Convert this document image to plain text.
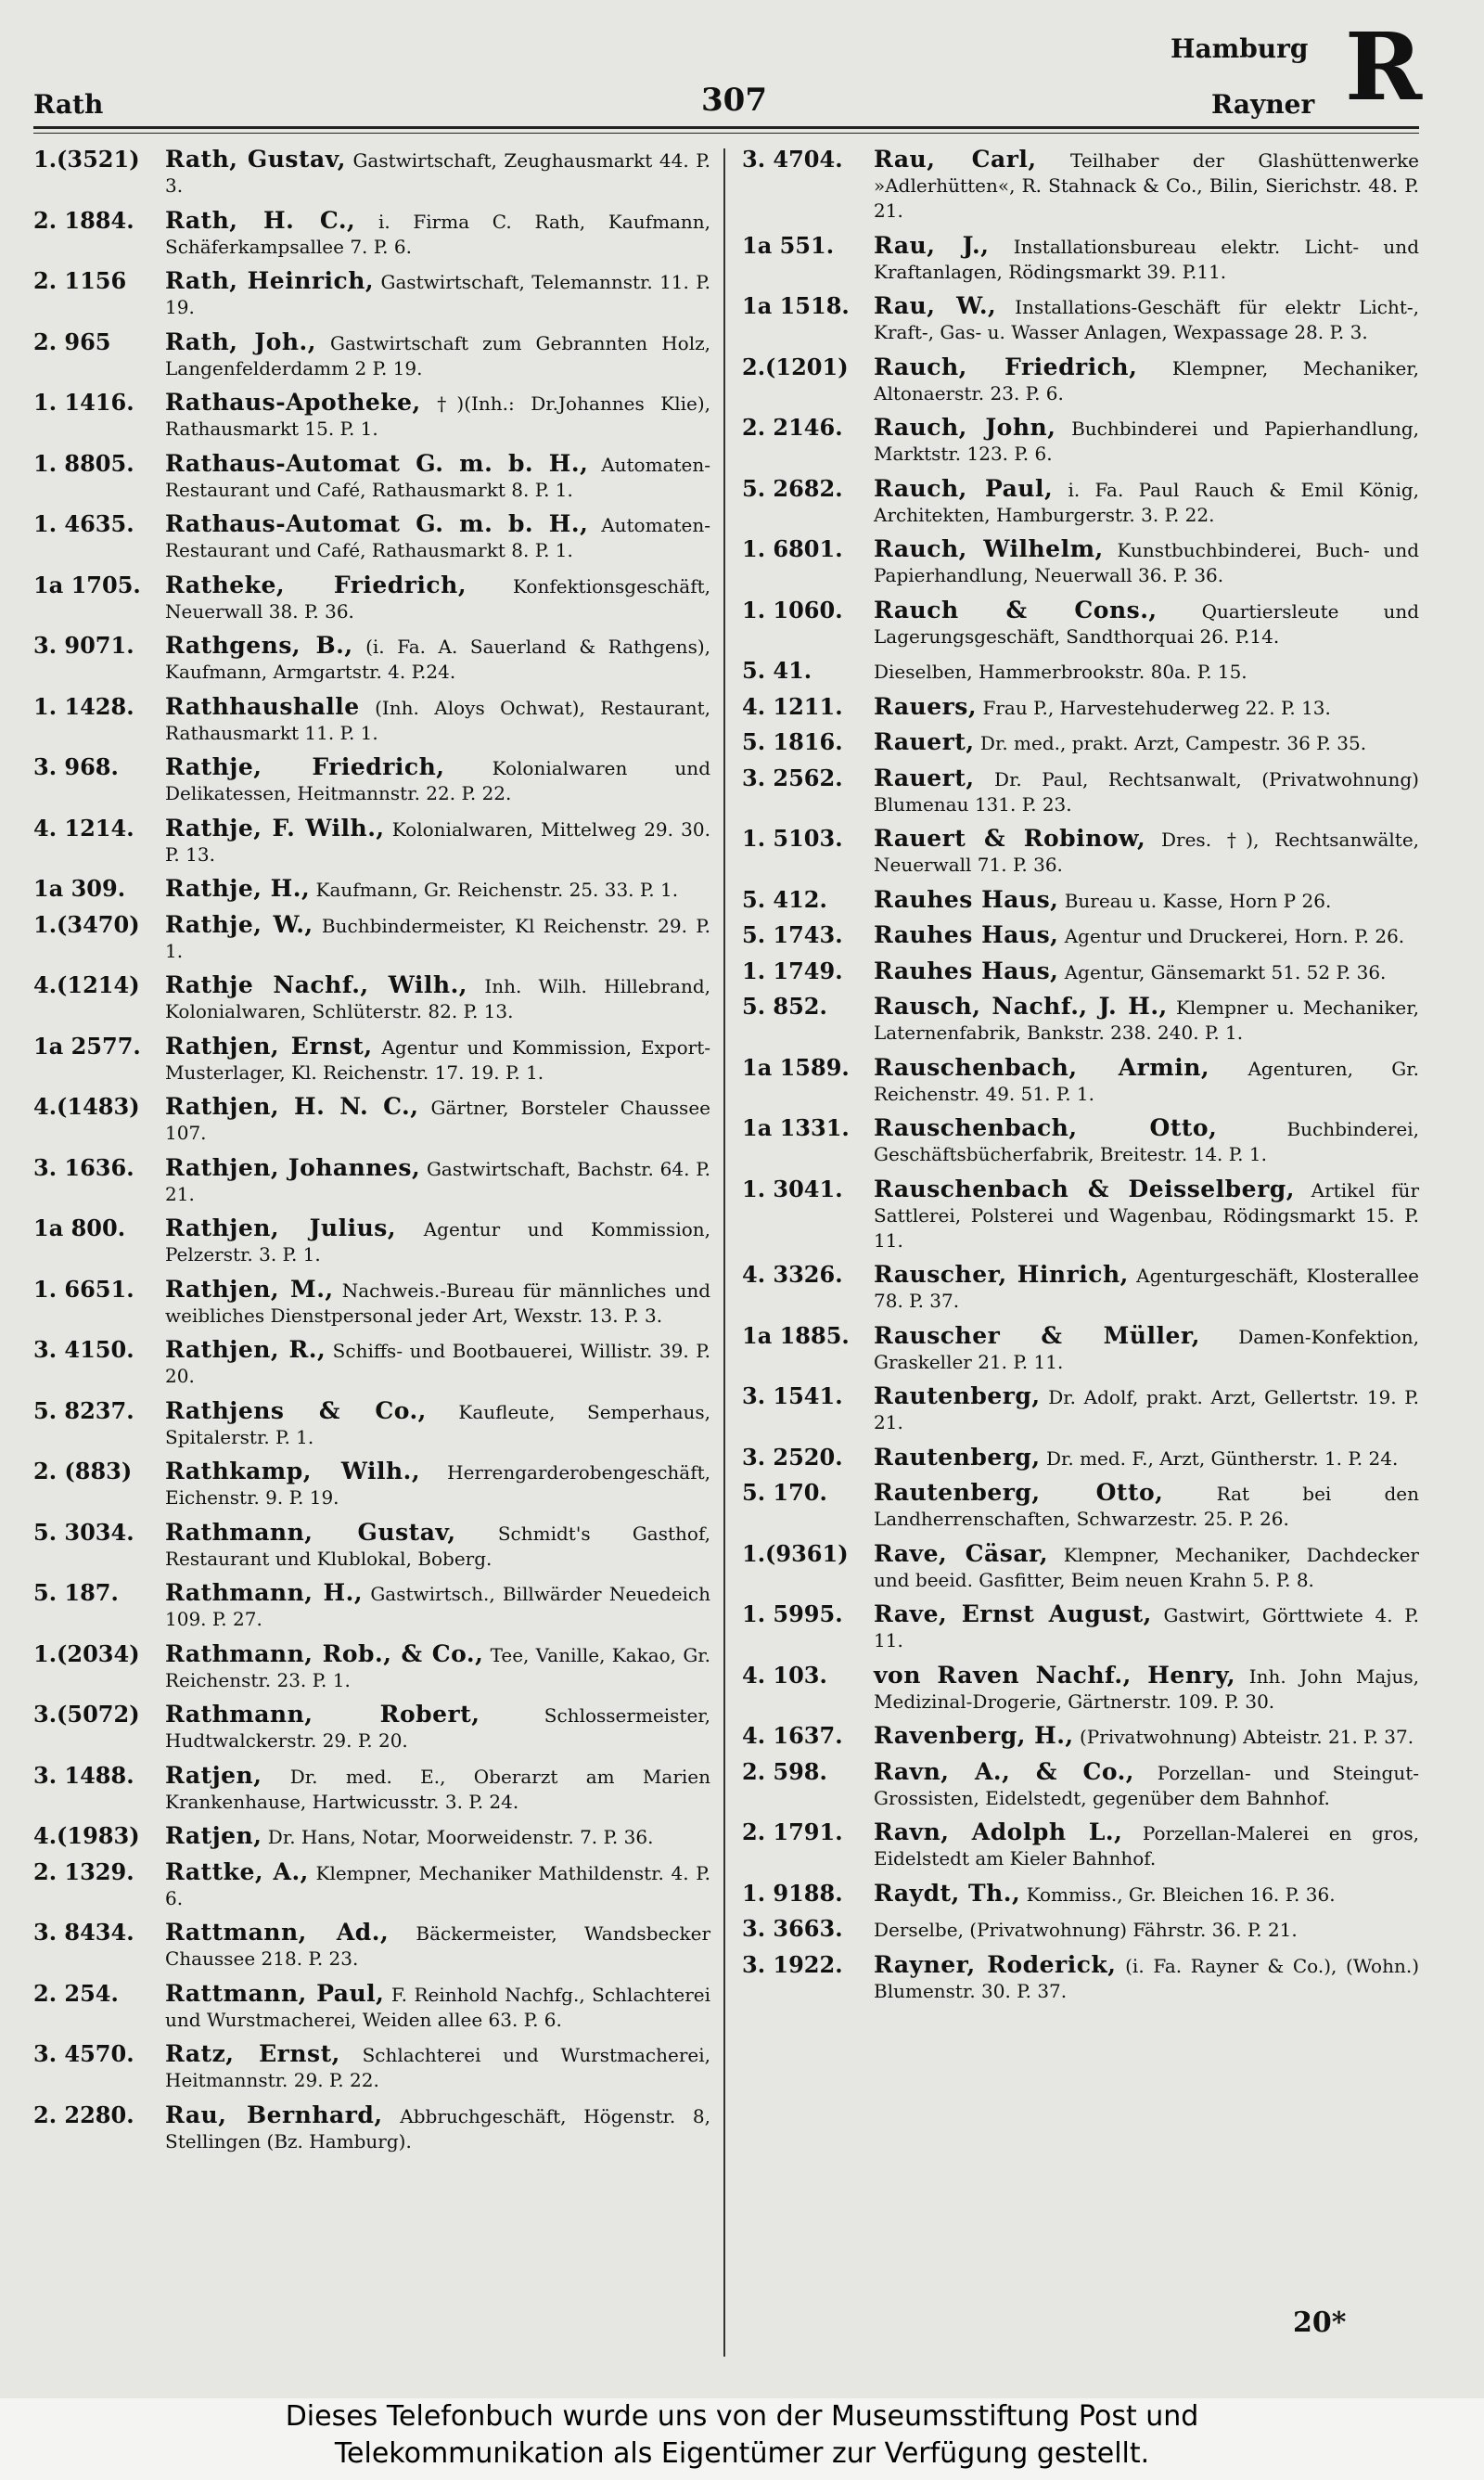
Rath	307
Hamburg
Rayner R
1.(3521)	Rath, Gustav, Gastwirtschaft, Zeughausmarkt 44. P. 3.
2. 1884.	Rath, H. C., i. Firma C. Rath, Kaufmann, Schäferkampsallee 7. P. 6.
2. 1156	Rath, Heinrich, Gastwirtschaft, Telemannstr. 11. P. 19.
2. 965	Rath, Joh., Gastwirtschaft zum Gebrannten Holz, Langenfelderdamm 2 P. 19.
1. 1416.	Rathaus-Apotheke, †)(Inh.: Dr.Johannes Klie), Rathausmarkt 15. P. 1.
1. 8805.	Rathaus-Automat G. m. b. H., Automaten-Restaurant und Café, Rathausmarkt 8. P. 1.
1. 4635.	Rathaus-Automat G. m. b. H., Automaten-Restaurant und Café, Rathausmarkt 8. P. 1.
1a 1705.	Ratheke, Friedrich, Konfektionsgeschäft, Neuerwall 38. P. 36.
3. 9071.	Rathgens, B., (i. Fa. A. Sauerland & Rathgens), Kaufmann, Armgartstr. 4. P.24.
1. 1428.	Rathhaushalle (Inh. Aloys Ochwat), Restaurant, Rathausmarkt 11. P. 1.
3. 968.	Rathje, Friedrich,	Kolonialwaren und Delikatessen, Heitmannstr. 22. P. 22.
4. 1214.	Rathje, F. Wilh., Kolonialwaren, Mittelweg 29. 30. P. 13.
1a 309.	Rathje, H., Kaufmann, Gr. Reichenstr. 25. 33. P. 1.
1.(3470)	Rathje, W., Buchbindermeister, Kl Reichenstr. 29. P. 1.
4.(1214)	Rathje Nachf., Wilh., Inh. Wilh. Hillebrand, Kolonialwaren, Schlüterstr. 82. P. 13.
1a 2577.	Rathjen, Ernst, Agentur und Kommission, Export-Musterlager, Kl. Reichenstr. 17. 19. P. 1.
4.(1483)	Rathjen, H. N. C., Gärtner, Borsteler Chaussee 107.
3. 1636.	Rathjen, Johannes, Gastwirtschaft, Bachstr. 64. P. 21.
1a 800.	Rathjen, Julius, Agentur und Kommission, Pelzerstr. 3. P. 1.
1. 6651.	Rathjen, M., Nachweis.-Bureau für männliches und weibliches Dienstpersonal jeder Art, Wexstr. 13. P. 3.
3. 4150.	Rathjen, R., Schiffs- und Bootbauerei, Willistr. 39. P. 20.
5. 8237.	Rathjens & Co., Kaufleute, Semperhaus, Spitalerstr. P. 1.
2. (883)	Rathkamp, Wilh., Herrengarderobengeschäft, Eichenstr. 9. P. 19.
5. 3034.	Rathmann, Gustav, Schmidt's Gasthof, Restaurant und Klublokal, Boberg.
5. 187.	Rathmann, H., Gastwirtsch., Billwärder Neuedeich 109. P. 27.
1.(2034)	Rathmann, Rob., & Co., Tee, Vanille, Kakao, Gr. Reichenstr. 23. P. 1.
3.(5072)	Rathmann, Robert,	Schlossermeister, Hudtwalckerstr. 29. P. 20.
3. 1488.	Ratjen, Dr. med. E., Oberarzt am Marien Krankenhause, Hartwicusstr. 3. P. 24.
4.(1983)	Ratjen, Dr. Hans, Notar, Moorweidenstr. 7. P. 36.
2. 1329.	Rattke, A., Klempner, Mechaniker Mathildenstr. 4. P. 6.
3. 8434.	Rattmann, Ad., Bäckermeister, Wandsbecker Chaussee 218. P. 23.
2. 254.	Rattmann, Paul, F. Reinhold Nachfg., Schlachterei und Wurstmacherei, Weiden allee 63. P. 6.
3. 4570.	Ratz, Ernst, Schlachterei und Wurstmacherei, Heitmannstr. 29. P. 22.
2. 2280.	Rau, Bernhard, Abbruchgeschäft, Högenstr. 8, Stellingen (Bz. Hamburg).
3. 4704.	Rau, Carl, Teilhaber der Glashüttenwerke »Adlerhütten«, R. Stahnack & Co., Bilin, Sierichstr. 48. P. 21.
1a 551.	Rau, J., Installationsbureau elektr. Licht- und Kraftanlagen, Rödingsmarkt 39. P.11.
1a 1518.	Rau, W., Installations-Geschäft für elektr Licht-, Kraft-, Gas- u. Wasser Anlagen, Wexpassage 28. P. 3.
2.(1201)	Rauch, Friedrich, Klempner, Mechaniker, Altonaerstr. 23. P. 6.
2. 2146.	Rauch, John, Buchbinderei und Papierhandlung, Marktstr. 123. P. 6.
5. 2682.	Rauch, Paul, i. Fa. Paul Rauch & Emil König, Architekten, Hamburgerstr. 3. P. 22.
1. 6801.	Rauch, Wilhelm, Kunstbuchbinderei, Buch- und Papierhandlung, Neuerwall 36. P. 36.
1. 1060.	Rauch & Cons., Quartiersleute und Lagerungsgeschäft, Sandthorquai 26. P.14.
5. 41.	Dieselben, Hammerbrookstr. 80a. P. 15.
4. 1211.	Rauers, Frau P., Harvestehuderweg 22. P. 13.
5. 1816.	Rauert, Dr. med., prakt. Arzt, Campestr. 36 P. 35.
3. 2562.	Rauert, Dr. Paul, Rechtsanwalt, (Privatwohnung) Blumenau 131. P. 23.
1. 5103.	Rauert & Robinow, Dres. †), Rechtsanwälte, Neuerwall 71. P. 36.
5. 412.	Rauhes Haus, Bureau u. Kasse, Horn P 26.
5. 1743.	Rauhes Haus, Agentur und Druckerei, Horn. P. 26.
1. 1749.	Rauhes Haus, Agentur, Gänsemarkt 51. 52 P. 36.
5. 852.	Rausch, Nachf., J. H., Klempner u. Mechaniker, Laternenfabrik, Bankstr. 238. 240. P. 1.
1a 1589.	Rauschenbach, Armin, Agenturen, Gr. Reichenstr. 49. 51. P. 1.
1a 1331.	Rauschenbach, Otto,	Buchbinderei, Geschäftsbücherfabrik, Breitestr. 14. P. 1.
1. 3041.	Rauschenbach & Deisselberg, Artikel für Sattlerei, Polsterei und Wagenbau, Rödingsmarkt 15. P. 11.
4. 3326.	Rauscher, Hinrich, Agenturgeschäft, Klosterallee 78. P. 37.
1a 1885.	Rauscher & Müller, Damen-Konfektion, Graskeller 21. P. 11.
3. 1541.	Rautenberg, Dr. Adolf, prakt. Arzt, Gellertstr. 19. P. 21.
3. 2520.	Rautenberg, Dr. med. F., Arzt, Güntherstr. 1. P. 24.
5. 170.	Rautenberg, Otto,	Rat bei den Landherrenschaften, Schwarzestr. 25. P. 26.
1.(9361)	Rave, Cäsar, Klempner, Mechaniker, Dachdecker und beeid. Gasfitter, Beim neuen Krahn 5. P. 8.
1. 5995.	Rave, Ernst August, Gastwirt, Görttwiete 4. P. 11.
4. 103.	von Raven Nachf., Henry, Inh. John Majus, Medizinal-Drogerie, Gärtnerstr. 109. P. 30.
4. 1637.	Ravenberg, H., (Privatwohnung) Abteistr. 21. P. 37.
2. 598.	Ravn, A., & Co., Porzellan- und Steingut-Grossisten, Eidelstedt, gegenüber dem Bahnhof.
2. 1791.	Ravn, Adolph L., Porzellan-Malerei en gros, Eidelstedt am Kieler Bahnhof.
1. 9188.	Raydt, Th., Kommiss., Gr. Bleichen 16. P. 36.
3. 3663.	Derselbe, (Privatwohnung) Fährstr. 36. P. 21.
3. 1922.	Rayner, Roderick, (i. Fa. Rayner & Co.), (Wohn.) Blumenstr. 30. P. 37.
20*
Dieses Telefonbuch wurde uns von der Museumsstiftung Post und
Telekommunikation als Eigentümer zur Verfügung gestellt.
